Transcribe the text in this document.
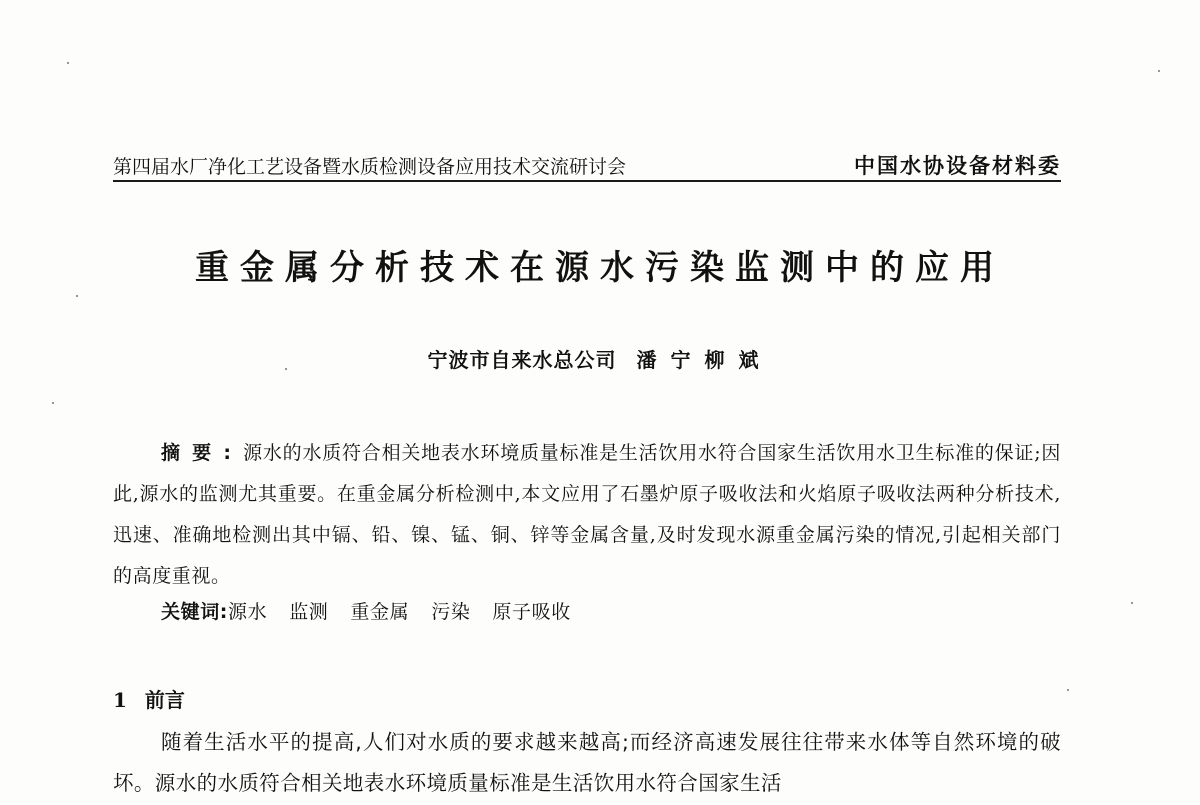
第四届水厂净化工艺设备暨水质检测设备应用技术交流研讨会	中国水协设备材料委
重金属分析技术在源水污染监测中的应用
宁波市自来水总公司 潘宁柳斌
摘要:源水的水质符合相关地表水环境质量标准是生活饮用水符合国家生活饮用水卫生标准的保证;因此,源水的监测尤其重要。在重金属分析检测中,本文应用了石墨炉原子吸收法和火焰原子吸收法两种分析技术,迅速、准确地检测出其中镉、铅、镍、锰、铜、锌等金属含量,及时发现水源重金属污染的情况,引起相关部门的高度重视。
关键词:源水 监测 重金属 污染 原子吸收
1 前言
随着生活水平的提高,人们对水质的要求越来越高;而经济高速发展往往带来水体等自然环境的破坏。源水的水质符合相关地表水环境质量标准是生活饮用水符合国家生活
